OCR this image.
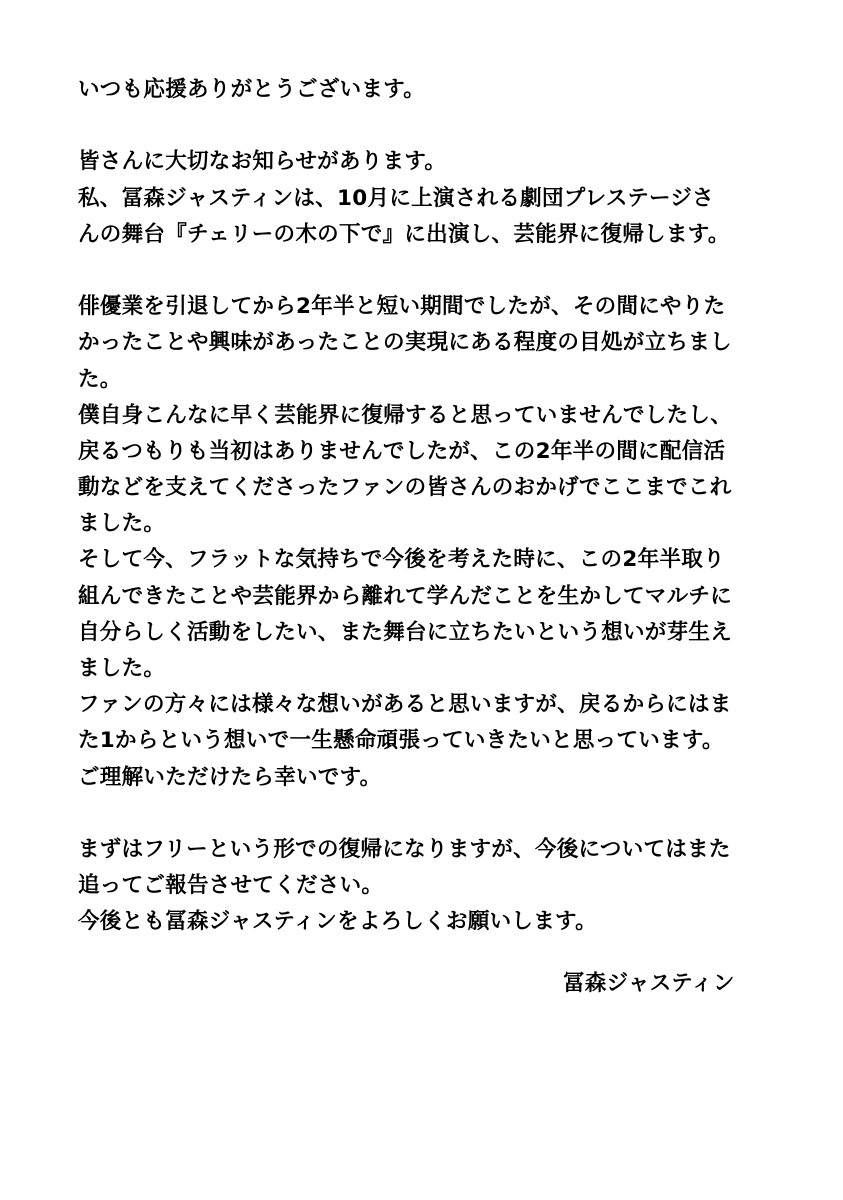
いつも応援ありがとうございます。
皆さんに大切なお知らせがあります。
私、冨森ジャスティンは、10月に上演される劇団プレステージさ
んの舞台『チェリーの木の下で』に出演し、芸能界に復帰します。
俳優業を引退してから2年半と短い期間でしたが、その間にやりた
かったことや興味があったことの実現にある程度の目処が立ちまし
た。
僕自身こんなに早く芸能界に復帰すると思っていませんでしたし、
戻るつもりも当初はありませんでしたが、この2年半の間に配信活
動などを支えてくださったファンの皆さんのおかげでここまでこれ
ました。
そして今、フラットな気持ちで今後を考えた時に、この2年半取り
組んできたことや芸能界から離れて学んだことを生かしてマルチに
自分らしく活動をしたい、また舞台に立ちたいという想いが芽生え
ました。
ファンの方々には様々な想いがあると思いますが、戻るからにはま
た1からという想いで一生懸命頑張っていきたいと思っています。
ご理解いただけたら幸いです。
まずはフリーという形での復帰になりますが、今後についてはまた
追ってご報告させてください。
今後とも冨森ジャスティンをよろしくお願いします。
冨森ジャスティン
